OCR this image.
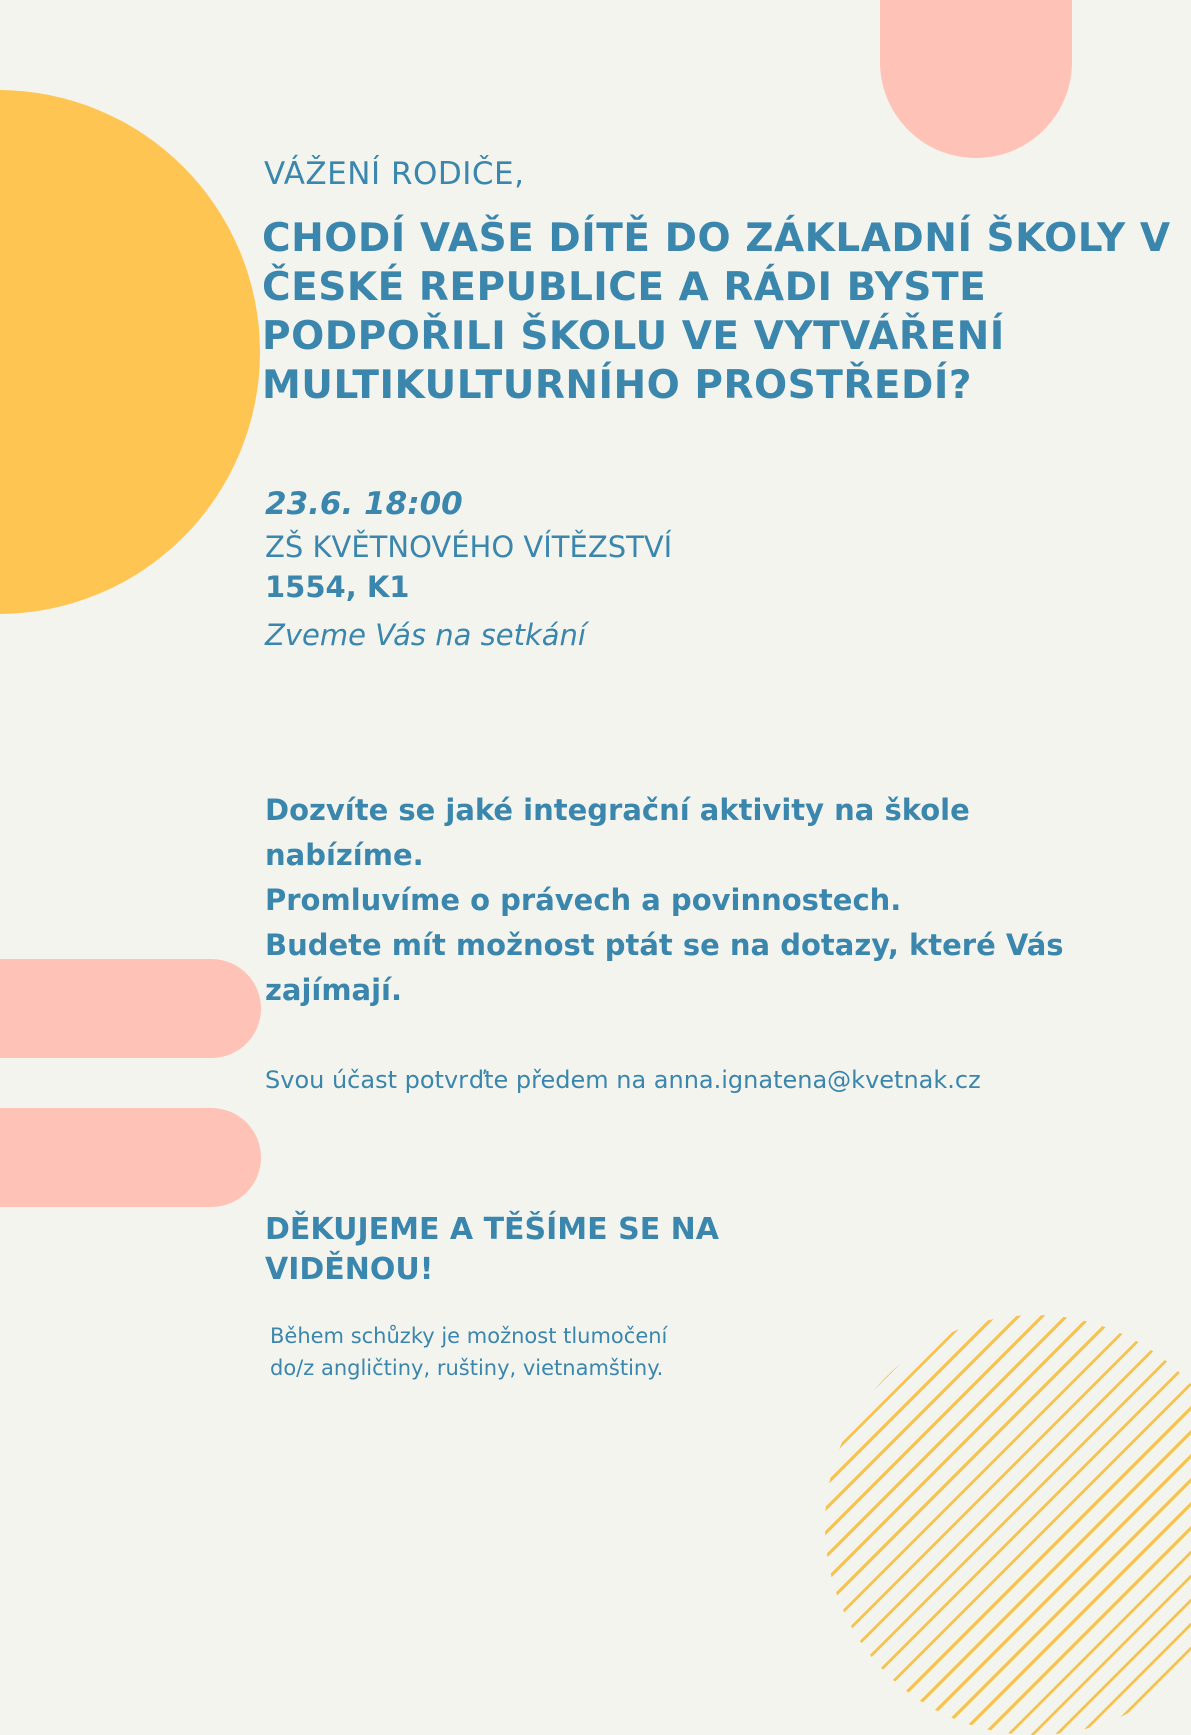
VÁŽENÍ RODIČE,

CHODÍ VAŠE DÍTĚ DO ZÁKLADNÍ ŠKOLY V ČESKÉ REPUBLICE A RÁDI BYSTE PODPOŘILI ŠKOLU VE VYTVÁŘENÍ MULTIKULTURNÍHO PROSTŘEDÍ?

23.6. 18:00

ZŠ KVĚTNOVÉHO VÍTĚZSTVÍ

1554, K1

Zveme Vás na setkání

Dozvíte se jaké integrační aktivity na škole nabízíme.
Promluvíme o právech a povinnostech.
Budete mít možnost ptát se na dotazy, které Vás zajímají.

Svou účast potvrďte předem na anna.ignatena@kvetnak.cz

DĚKUJEME A TĚŠÍME SE NA VIDĚNOU!

Během schůzky je možnost tlumočení do/z angličtiny, ruštiny, vietnamštiny.
